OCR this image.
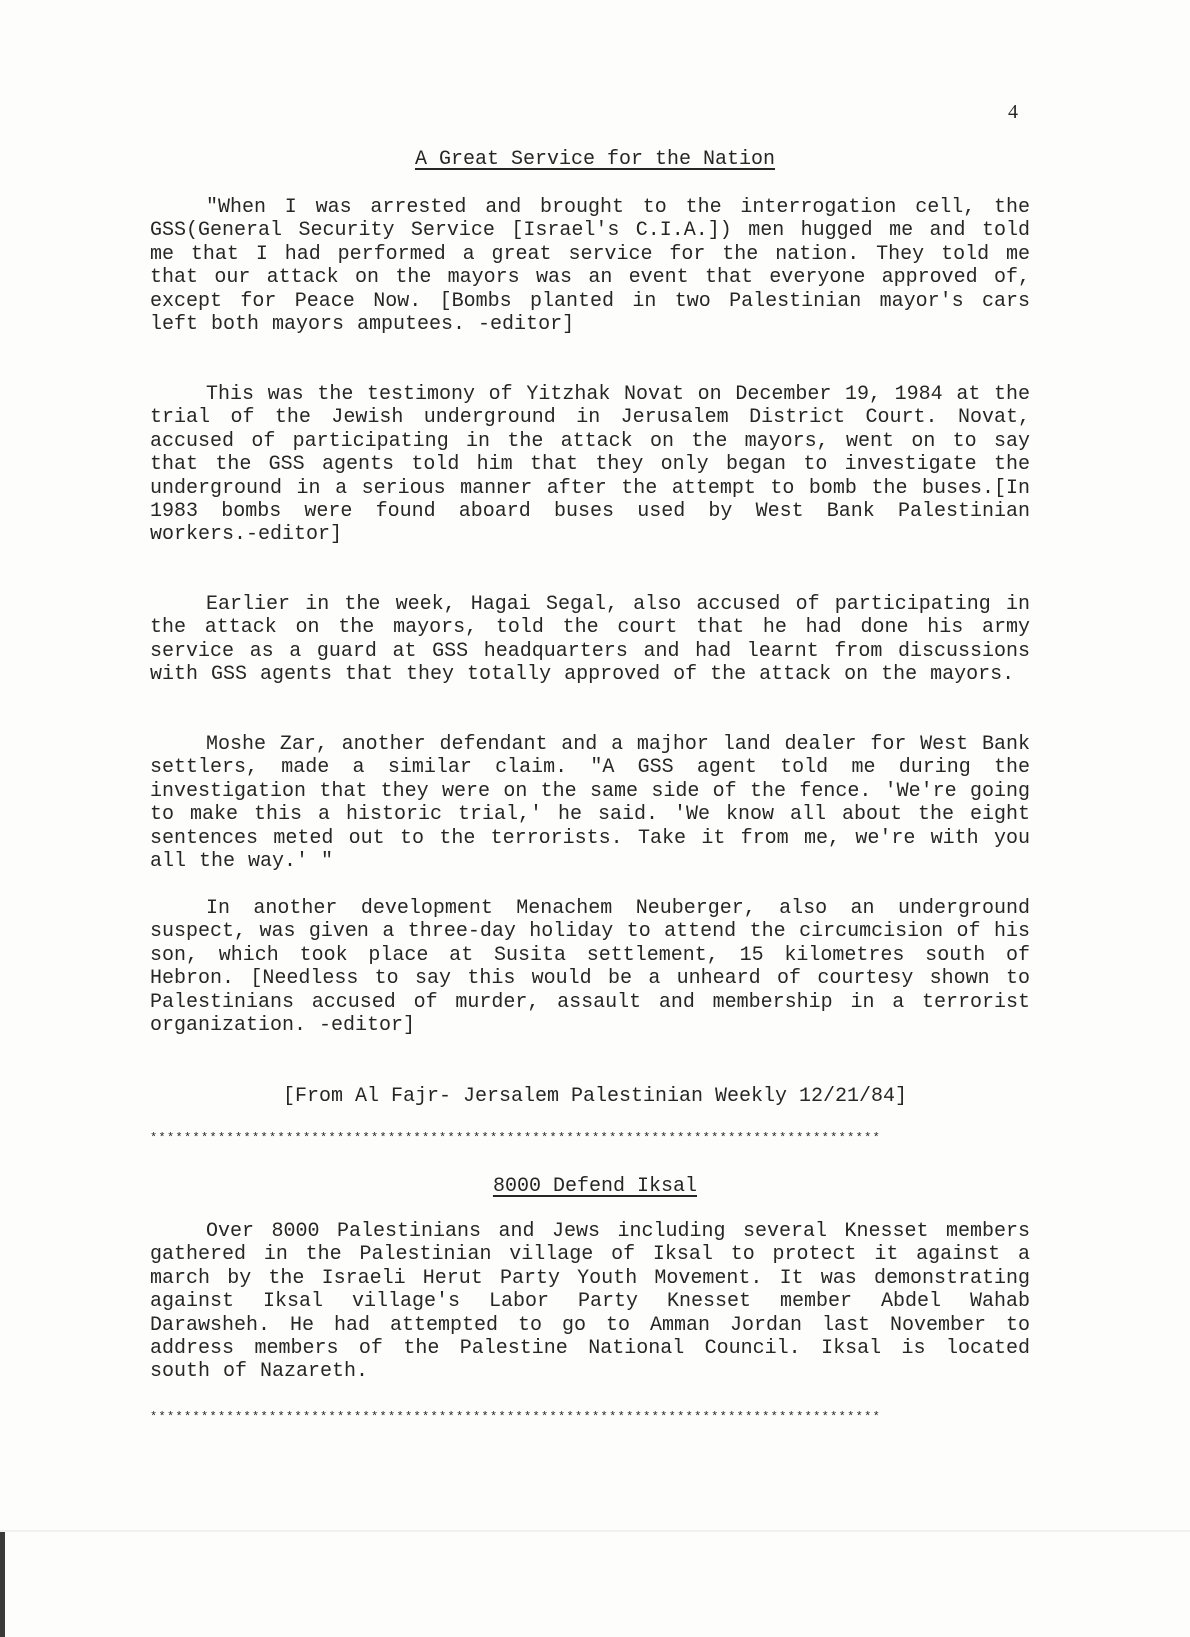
4
A Great Service for the Nation

"When I was arrested and brought to the interrogation cell, the GSS(General Security Service [Israel's C.I.A.]) men hugged me and told me that I had performed a great service for the nation. They told me that our attack on the mayors was an event that everyone approved of, except for Peace Now. [Bombs planted in two Palestinian mayor's cars left both mayors amputees. -editor]

This was the testimony of Yitzhak Novat on December 19, 1984 at the trial of the Jewish underground in Jerusalem District Court. Novat, accused of participating in the attack on the mayors, went on to say that the GSS agents told him that they only began to investigate the underground in a serious manner after the attempt to bomb the buses.[In 1983 bombs were found aboard buses used by West Bank Palestinian workers.-editor]

Earlier in the week, Hagai Segal, also accused of participating in the attack on the mayors, told the court that he had done his army service as a guard at GSS headquarters and had learnt from discussions with GSS agents that they totally approved of the attack on the mayors.

Moshe Zar, another defendant and a majhor land dealer for West Bank settlers, made a similar claim. "A GSS agent told me during the investigation that they were on the same side of the fence. 'We're going to make this a historic trial,' he said. 'We know all about the eight sentences meted out to the terrorists. Take it from me, we're with you all the way.' "

In another development Menachem Neuberger, also an underground suspect, was given a three-day holiday to attend the circumcision of his son, which took place at Susita settlement, 15 kilometres south of Hebron. [Needless to say this would be a unheard of courtesy shown to Palestinians accused of murder, assault and membership in a terrorist organization. -editor]

[From Al Fajr- Jersalem Palestinian Weekly 12/21/84]
**************************************************************************************
8000 Defend Iksal

Over 8000 Palestinians and Jews including several Knesset members gathered in the Palestinian village of Iksal to protect it against a march by the Israeli Herut Party Youth Movement. It was demonstrating against Iksal village's Labor Party Knesset member Abdel Wahab Darawsheh. He had attempted to go to Amman Jordan last November to address members of the Palestine National Council. Iksal is located south of Nazareth.

**************************************************************************************
